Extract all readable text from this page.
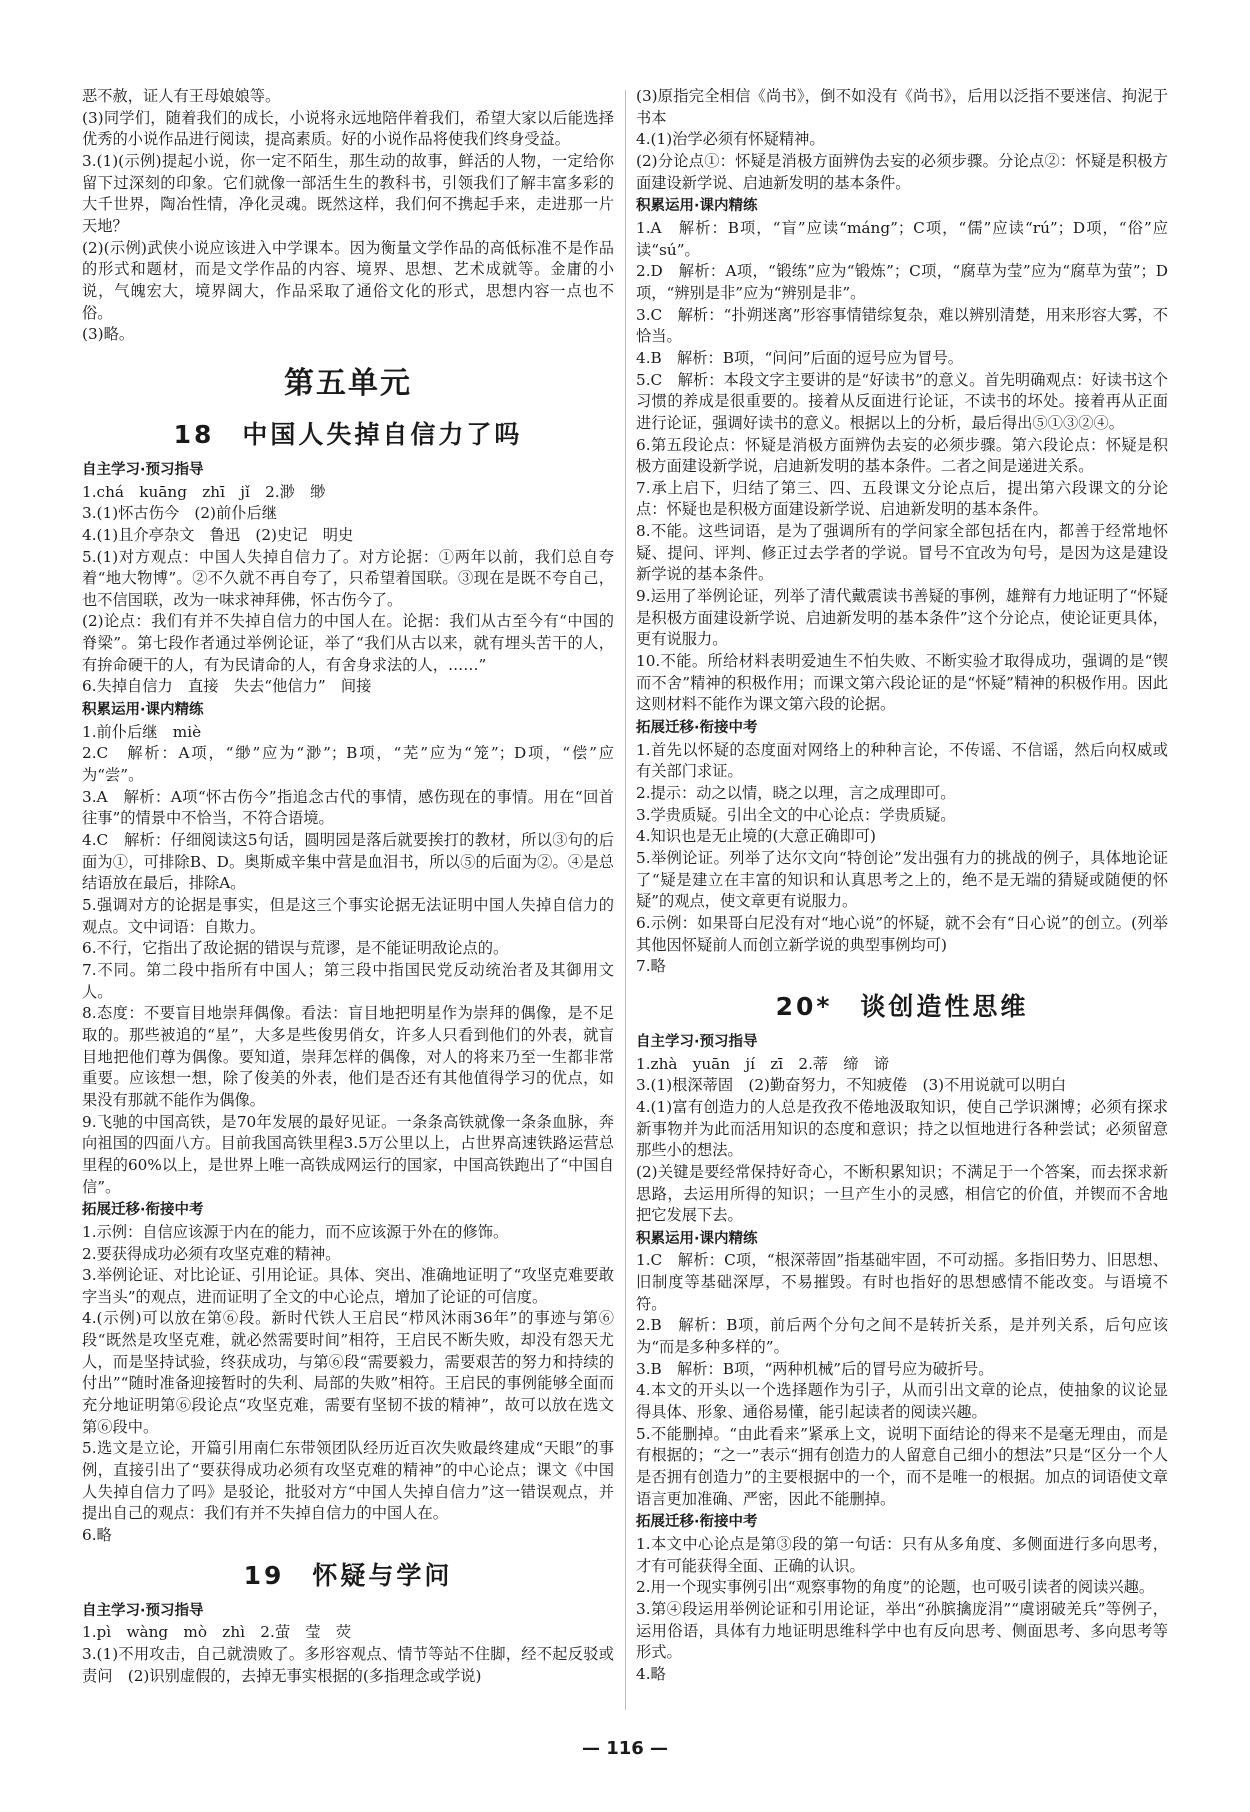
恶不赦，证人有王母娘娘等。
(3)同学们，随着我们的成长，小说将永远地陪伴着我们，希望大家以后能选择优秀的小说作品进行阅读，提高素质。好的小说作品将使我们终身受益。
3.(1)(示例)提起小说，你一定不陌生，那生动的故事，鲜活的人物，一定给你留下过深刻的印象。它们就像一部活生生的教科书，引领我们了解丰富多彩的大千世界，陶冶性情，净化灵魂。既然这样，我们何不携起手来，走进那一片天地？
(2)(示例)武侠小说应该进入中学课本。因为衡量文学作品的高低标准不是作品的形式和题材，而是文学作品的内容、境界、思想、艺术成就等。金庸的小说，气魄宏大，境界阔大，作品采取了通俗文化的形式，思想内容一点也不俗。
(3)略。
第五单元
18　中国人失掉自信力了吗
自主学习·预习指导
1.chá　kuāng　zhī　jǐ　2.渺　缈
3.(1)怀古伤今　(2)前仆后继
4.(1)且介亭杂文　鲁迅　(2)史记　明史
5.(1)对方观点：中国人失掉自信力了。对方论据：①两年以前，我们总自夸着“地大物博”。②不久就不再自夸了，只希望着国联。③现在是既不夸自己，也不信国联，改为一味求神拜佛，怀古伤今了。
(2)论点：我们有并不失掉自信力的中国人在。论据：我们从古至今有“中国的脊梁”。第七段作者通过举例论证，举了“我们从古以来，就有埋头苦干的人，有拚命硬干的人，有为民请命的人，有舍身求法的人，……”
6.失掉自信力　直接　失去“他信力”　间接
积累运用·课内精练
1.前仆后继　miè
2.C　解析：A项，“缈”应为“渺”；B项，“芜”应为“笼”；D项，“偿”应为“尝”。
3.A　解析：A项“怀古伤今”指追念古代的事情，感伤现在的事情。用在“回首往事”的情景中不恰当，不符合语境。
4.C　解析：仔细阅读这5句话，圆明园是落后就要挨打的教材，所以③句的后面为①，可排除B、D。奥斯威辛集中营是血泪书，所以⑤的后面为②。④是总结语放在最后，排除A。
5.强调对方的论据是事实，但是这三个事实论据无法证明中国人失掉自信力的观点。文中词语：自欺力。
6.不行，它指出了敌论据的错误与荒谬，是不能证明敌论点的。
7.不同。第二段中指所有中国人；第三段中指国民党反动统治者及其御用文人。
8.态度：不要盲目地崇拜偶像。看法：盲目地把明星作为崇拜的偶像，是不足取的。那些被追的“星”，大多是些俊男俏女，许多人只看到他们的外表，就盲目地把他们尊为偶像。要知道，崇拜怎样的偶像，对人的将来乃至一生都非常重要。应该想一想，除了俊美的外表，他们是否还有其他值得学习的优点，如果没有那就不能作为偶像。
9.飞驰的中国高铁，是70年发展的最好见证。一条条高铁就像一条条血脉，奔向祖国的四面八方。目前我国高铁里程3.5万公里以上，占世界高速铁路运营总里程的60%以上，是世界上唯一高铁成网运行的国家，中国高铁跑出了“中国自信”。
拓展迁移·衔接中考
1.示例：自信应该源于内在的能力，而不应该源于外在的修饰。
2.要获得成功必须有攻坚克难的精神。
3.举例论证、对比论证、引用论证。具体、突出、准确地证明了“攻坚克难要敢字当头”的观点，进而证明了全文的中心论点，增加了论证的可信度。
4.(示例)可以放在第⑥段。新时代铁人王启民“栉风沐雨36年”的事迹与第⑥段“既然是攻坚克难，就必然需要时间”相符，王启民不断失败，却没有怨天尤人，而是坚持试验，终获成功，与第⑥段“需要毅力，需要艰苦的努力和持续的付出”“随时准备迎接暂时的失利、局部的失败”相符。王启民的事例能够全面而充分地证明第⑥段论点“攻坚克难，需要有坚韧不拔的精神”，故可以放在选文第⑥段中。
5.选文是立论，开篇引用南仁东带领团队经历近百次失败最终建成“天眼”的事例，直接引出了“要获得成功必须有攻坚克难的精神”的中心论点；课文《中国人失掉自信力了吗》是驳论，批驳对方“中国人失掉自信力”这一错误观点，并提出自己的观点：我们有并不失掉自信力的中国人在。
6.略
19　怀疑与学问
自主学习·预习指导
1.pì　wàng　mò　zhì　2.萤　莹　荧
3.(1)不用攻击，自己就溃败了。多形容观点、情节等站不住脚，经不起反驳或责问　(2)识别虚假的，去掉无事实根据的(多指理念或学说)
(3)原指完全相信《尚书》，倒不如没有《尚书》，后用以泛指不要迷信、拘泥于书本
4.(1)治学必须有怀疑精神。
(2)分论点①：怀疑是消极方面辨伪去妄的必须步骤。分论点②：怀疑是积极方面建设新学说、启迪新发明的基本条件。
积累运用·课内精练
1.A　解析：B项，“盲”应读“máng”；C项，“儒”应读“rú”；D项，“俗”应读“sú”。
2.D　解析：A项，“锻练”应为“锻炼”；C项，“腐草为莹”应为“腐草为萤”；D项，“辨别是非”应为“辨别是非”。
3.C　解析：“扑朔迷离”形容事情错综复杂，难以辨别清楚，用来形容大雾，不恰当。
4.B　解析：B项，“问问”后面的逗号应为冒号。
5.C　解析：本段文字主要讲的是“好读书”的意义。首先明确观点：好读书这个习惯的养成是很重要的。接着从反面进行论证，不读书的坏处。接着再从正面进行论证，强调好读书的意义。根据以上的分析，最后得出⑤①③②④。
6.第五段论点：怀疑是消极方面辨伪去妄的必须步骤。第六段论点：怀疑是积极方面建设新学说，启迪新发明的基本条件。二者之间是递进关系。
7.承上启下，归结了第三、四、五段课文分论点后，提出第六段课文的分论点：怀疑也是积极方面建设新学说、启迪新发明的基本条件。
8.不能。这些词语，是为了强调所有的学问家全部包括在内，都善于经常地怀疑、提问、评判、修正过去学者的学说。冒号不宜改为句号，是因为这是建设新学说的基本条件。
9.运用了举例论证，列举了清代戴震读书善疑的事例，雄辩有力地证明了“怀疑是积极方面建设新学说、启迪新发明的基本条件”这个分论点，使论证更具体，更有说服力。
10.不能。所给材料表明爱迪生不怕失败、不断实验才取得成功，强调的是“锲而不舍”精神的积极作用；而课文第六段论证的是“怀疑”精神的积极作用。因此这则材料不能作为课文第六段的论据。
拓展迁移·衔接中考
1.首先以怀疑的态度面对网络上的种种言论，不传谣、不信谣，然后向权威或有关部门求证。
2.提示：动之以情，晓之以理，言之成理即可。
3.学贵质疑。引出全文的中心论点：学贵质疑。
4.知识也是无止境的(大意正确即可)
5.举例论证。列举了达尔文向“特创论”发出强有力的挑战的例子，具体地论证了“疑是建立在丰富的知识和认真思考之上的，绝不是无端的猜疑或随便的怀疑”的观点，使文章更有说服力。
6.示例：如果哥白尼没有对“地心说”的怀疑，就不会有“日心说”的创立。(列举其他因怀疑前人而创立新学说的典型事例均可)
7.略
20*　谈创造性思维
自主学习·预习指导
1.zhà　yuān　jí　zī　2.蒂　缔　谛
3.(1)根深蒂固　(2)勤奋努力，不知疲倦　(3)不用说就可以明白
4.(1)富有创造力的人总是孜孜不倦地汲取知识，使自己学识渊博；必须有探求新事物并为此而活用知识的态度和意识；持之以恒地进行各种尝试；必须留意那些小的想法。
(2)关键是要经常保持好奇心，不断积累知识；不满足于一个答案，而去探求新思路，去运用所得的知识；一旦产生小的灵感，相信它的价值，并锲而不舍地把它发展下去。
积累运用·课内精练
1.C　解析：C项，“根深蒂固”指基础牢固，不可动摇。多指旧势力、旧思想、旧制度等基础深厚，不易摧毁。有时也指好的思想感情不能改变。与语境不符。
2.B　解析：B项，前后两个分句之间不是转折关系，是并列关系，后句应该为“而是多种多样的”。
3.B　解析：B项，“两种机械”后的冒号应为破折号。
4.本文的开头以一个选择题作为引子，从而引出文章的论点，使抽象的议论显得具体、形象、通俗易懂，能引起读者的阅读兴趣。
5.不能删掉。“由此看来”紧承上文，说明下面结论的得来不是毫无理由，而是有根据的；“之一”表示“拥有创造力的人留意自己细小的想法”只是“区分一个人是否拥有创造力”的主要根据中的一个，而不是唯一的根据。加点的词语使文章语言更加准确、严密，因此不能删掉。
拓展迁移·衔接中考
1.本文中心论点是第③段的第一句话：只有从多角度、多侧面进行多向思考，才有可能获得全面、正确的认识。
2.用一个现实事例引出“观察事物的角度”的论题，也可吸引读者的阅读兴趣。
3.第④段运用举例论证和引用论证，举出“孙膑擒庞涓”“虞诩破羌兵”等例子，运用俗语，具体有力地证明思维科学中也有反向思考、侧面思考、多向思考等形式。
4.略
— 116 —
